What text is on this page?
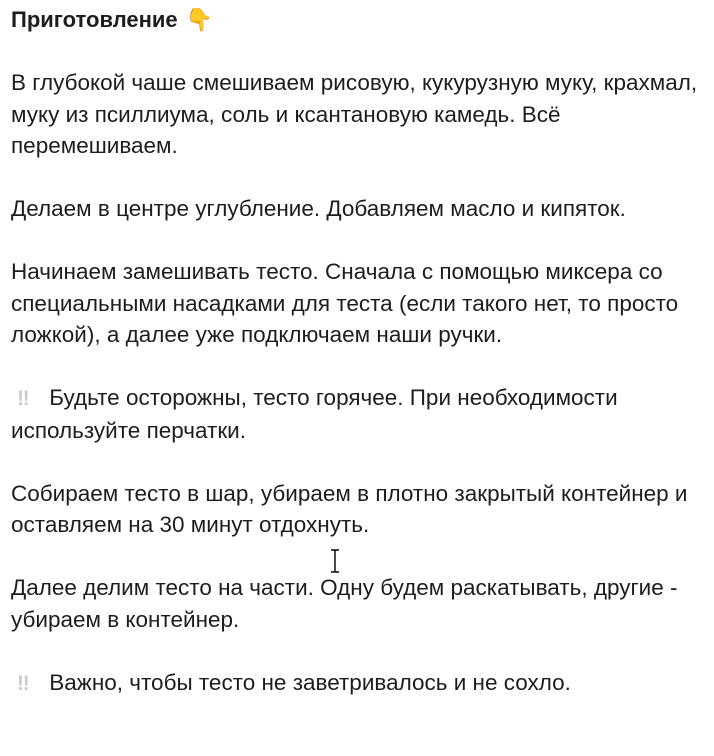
Приготовление 👇

В глубокой чаше смешиваем рисовую, кукурузную муку, крахмал, муку из псиллиума, соль и ксантановую камедь. Всё перемешиваем.

Делаем в центре углубление. Добавляем масло и кипяток.

Начинаем замешивать тесто. Сначала с помощью миксера со специальными насадками для теста (если такого нет, то просто ложкой), а далее уже подключаем наши ручки.

‼ Будьте осторожны, тесто горячее. При необходимости используйте перчатки.

Собираем тесто в шар, убираем в плотно закрытый контейнер и оставляем на 30 минут отдохнуть.

Далее делим тесто на части. Одну будем раскатывать, другие - убираем в контейнер.

‼ Важно, чтобы тесто не заветривалось и не сохло.
